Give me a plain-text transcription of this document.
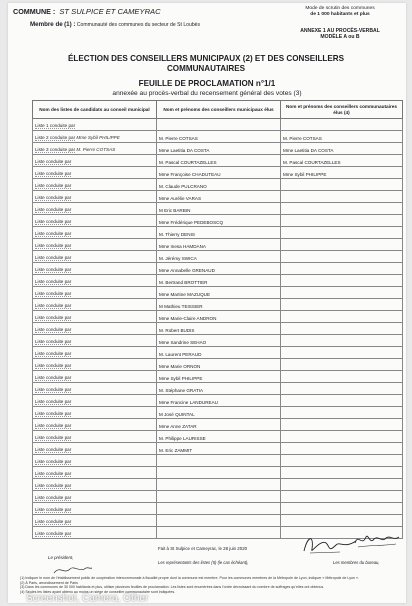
COMMUNE : ST SULPICE ET CAMEYRAC
Membre de (1) : Communauté des communes du secteur de St Loubès
Mode de scrutin des communes
de 1 000 habitants et plus
ANNEXE 1 AU PROCÈS-VERBAL
MODÈLE A ou B
ÉLECTION DES CONSEILLERS MUNICIPAUX (2) ET DES CONSEILLERS
COMMUNAUTAIRES
FEUILLE DE PROCLAMATION n°1/1
annexée au procès-verbal du recensement général des votes (3)
Nom des listes de candidats au conseil municipal	Nom et prénoms des conseillers municipaux élus	Nom et prénoms des conseillers communautaires élus (4)
Liste 1 conduite par		
Liste 2 conduite par Mme Sybil PHILIPPE	M. Pierre COTSAS	M. Pierre COTSAS
Liste 3 conduite par M. Pierre COTSAS	Mme Laetitia DA COSTA	Mme Laetitia DA COSTA
Liste conduite par	M. Pascal COURTAZELLES	M. Pascal COURTAZELLES
Liste conduite par	Mme Françoise CHADUTEAU	Mme Sybil PHILIPPE
Liste conduite par	M. Claude PULCRANO	
Liste conduite par	Mme Aurélie VARAS	
Liste conduite par	M Eric BARBIN	
Liste conduite par	Mme Frédérique PEDEBOSCQ	
Liste conduite par	M. Thierry DENIS	
Liste conduite par	Mme Inesa HAMDANA	
Liste conduite par	M. Jérémy SWICA	
Liste conduite par	Mme Annabelle GRENAUD	
Liste conduite par	M. Bertrand BROTTIER	
Liste conduite par	Mme Martine MAZUQUE	
Liste conduite par	M Mathieu TEISSIER	
Liste conduite par	Mme Marie-Claire ANDRON	
Liste conduite par	M. Robert BUDIS	
Liste conduite par	Mme Sandrine SEHAO	
Liste conduite par	M. Laurent PERAUD	
Liste conduite par	Mme Marie ORNON	
Liste conduite par	Mme Sybil PHILIPPE	
Liste conduite par	M. Stéphane GRATIA	
Liste conduite par	Mme Francine LANDUREAU	
Liste conduite par	M José QUINTAL	
Liste conduite par	Mme Anne ZATAR	
Liste conduite par	M. Philippe LAURISSE	
Liste conduite par	M. Eric ZAMMIT	
Liste conduite par		
Liste conduite par		
Liste conduite par		
Liste conduite par		
Liste conduite par		
Liste conduite par		
Liste conduite par		
Fait à St Sulpice et Cameyrac, le 28 juin 2020
Le président,
Les représentants des listes (5) (le cas échéant),	Les membres du bureau,
(1) Indiquer le nom de l'établissement public de coopération intercommunale à fiscalité propre dont la commune est membre. Pour les communes membres de la Métropole de Lyon, indiquer « Métropole de Lyon ».
(2) À Paris, arrondissement de Paris
(3) Dans les communes de 30 000 habitants et plus, utiliser plusieurs feuilles de proclamation. Les listes sont énumérées dans l'ordre décroissant du nombre de suffrages qu'elles ont obtenus.
(4) Seules les listes ayant obtenu au moins un siège de conseiller communautaire sont indiquées.
Screenshot, Camera, Other
